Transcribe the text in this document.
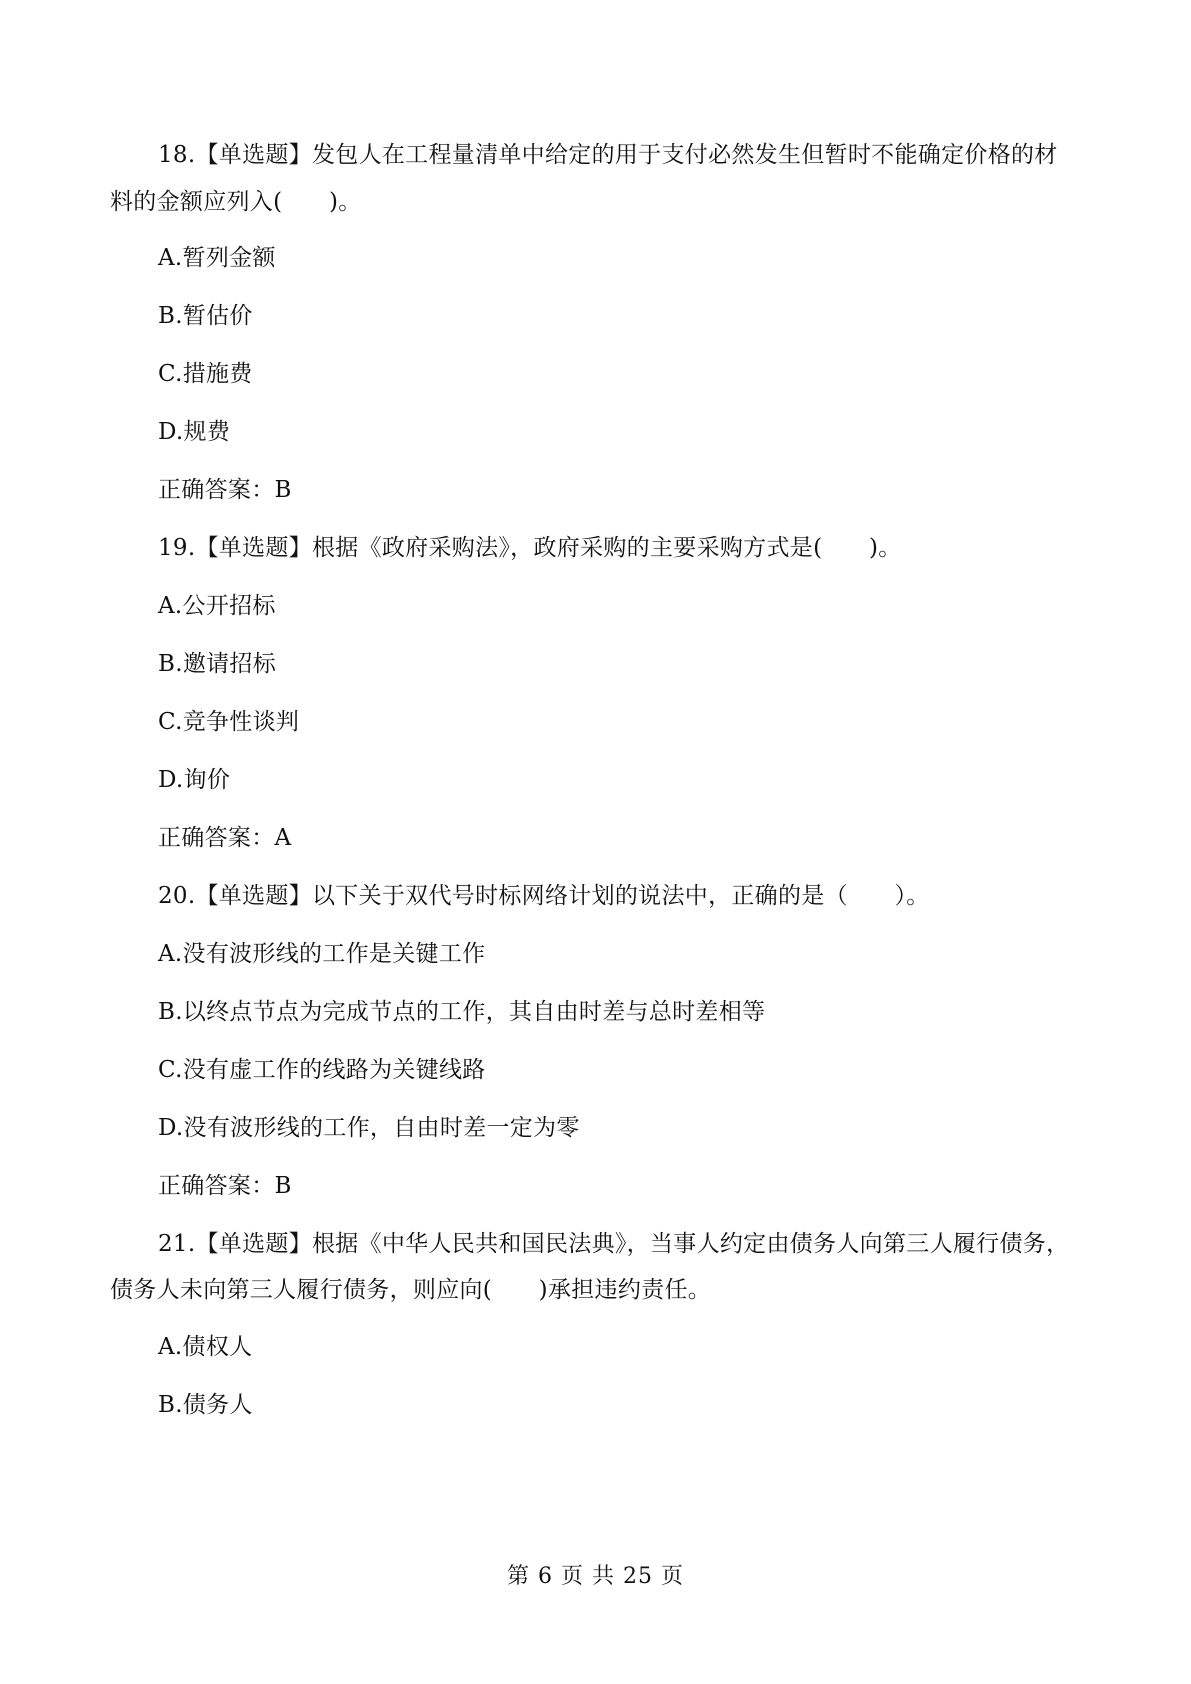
18.【单选题】发包人在工程量清单中给定的用于支付必然发生但暂时不能确定价格的材
料的金额应列入(　　)。
A.暂列金额
B.暂估价
C.措施费
D.规费
正确答案：B
19.【单选题】根据《政府采购法》，政府采购的主要采购方式是(　　)。
A.公开招标
B.邀请招标
C.竞争性谈判
D.询价
正确答案：A
20.【单选题】以下关于双代号时标网络计划的说法中，正确的是（　　）。
A.没有波形线的工作是关键工作
B.以终点节点为完成节点的工作，其自由时差与总时差相等
C.没有虚工作的线路为关键线路
D.没有波形线的工作，自由时差一定为零
正确答案：B
21.【单选题】根据《中华人民共和国民法典》，当事人约定由债务人向第三人履行债务，
债务人未向第三人履行债务，则应向(　　)承担违约责任。
A.债权人
B.债务人
第 6 页 共 25 页
